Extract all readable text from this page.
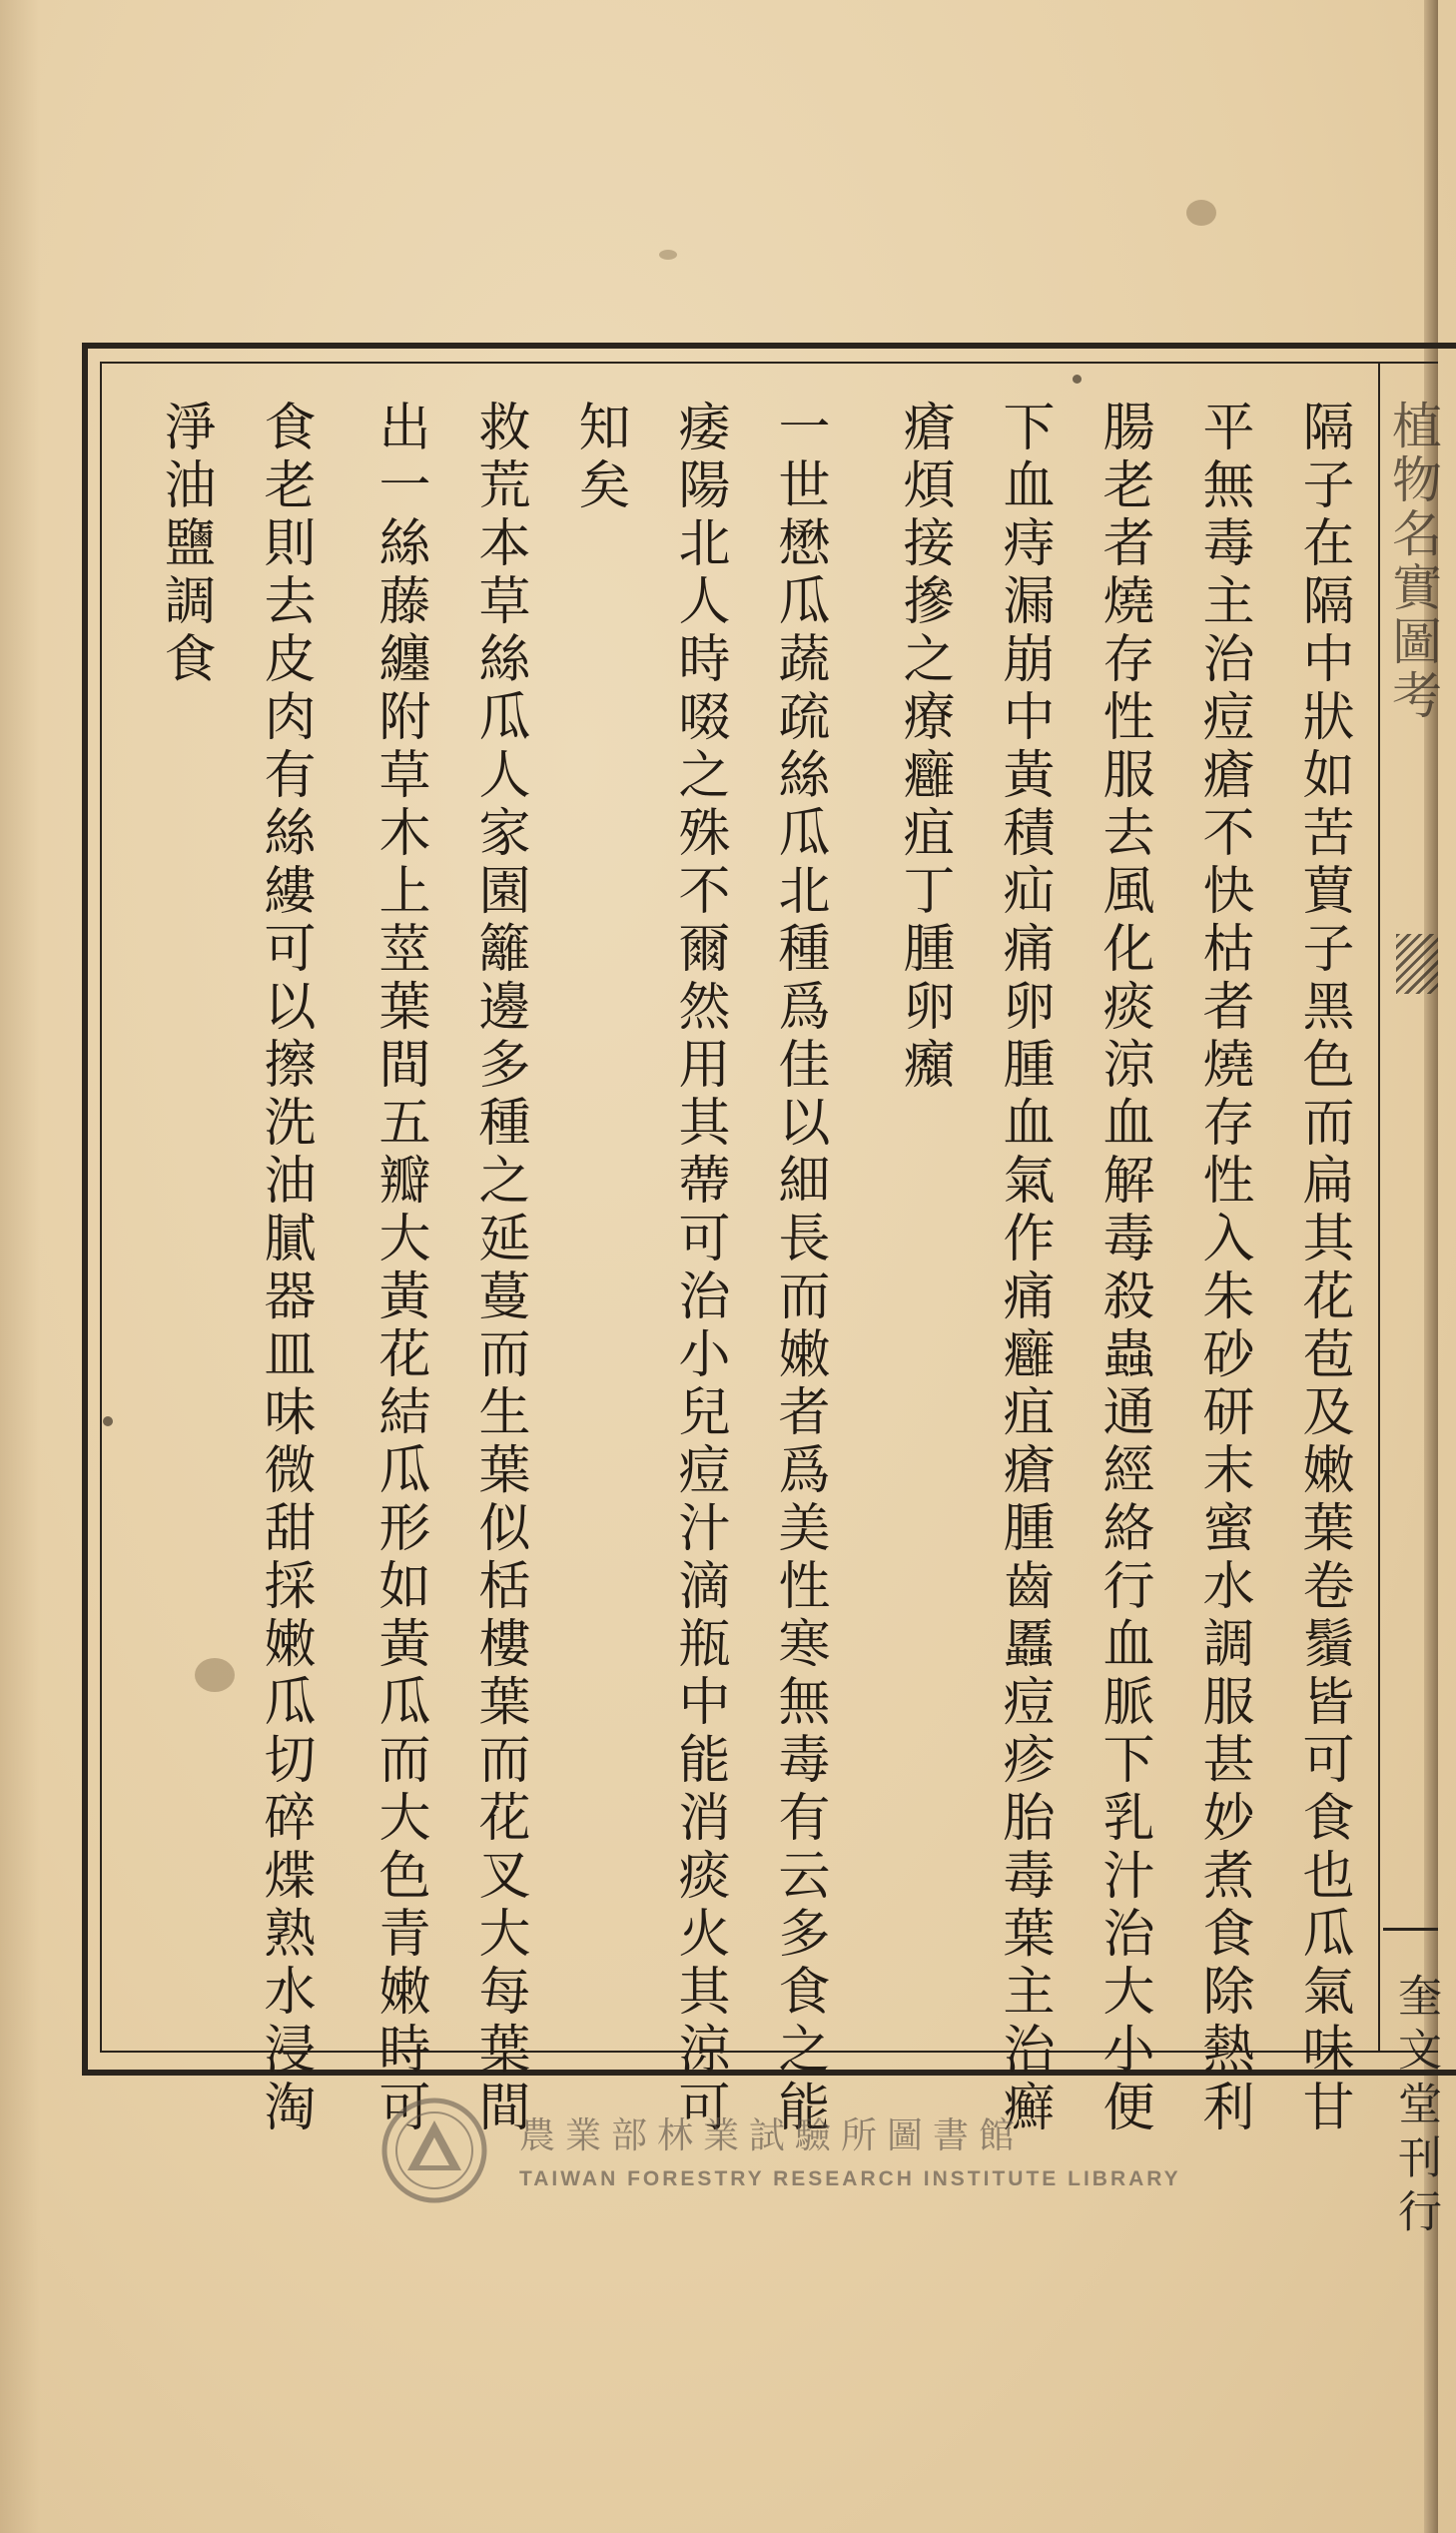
植物名實圖考
奎文堂刊行
隔子在隔中狀如苦蕒子黑色而扁其花苞及嫩葉卷鬚皆可食也瓜氣味甘
平無毒主治痘瘡不快枯者燒存性入朱砂研末蜜水調服甚妙煮食除熱利
腸老者燒存性服去風化痰涼血解毒殺蟲通經絡行血脈下乳汁治大小便
下血痔漏崩中黃積疝痛卵腫血氣作痛癰疽瘡腫齒䘌痘疹胎毒葉主治癬
瘡煩接摻之療癰疽丁腫卵㿗
一世懋瓜蔬疏絲瓜北種爲佳以細長而嫩者爲美性寒無毒有云多食之能
痿陽北人時啜之殊不爾然用其蔕可治小兒痘汁滴瓶中能消痰火其涼可
知矣
救荒本草絲瓜人家園籬邊多種之延蔓而生葉似栝樓葉而花叉大每葉間
出一絲藤纏附草木上莖葉間五瓣大黃花結瓜形如黃瓜而大色青嫩時可
食老則去皮肉有絲縷可以擦洗油膩器皿味微甜採嫩瓜切碎煠熟水浸淘
淨油鹽調食
農業部林業試驗所圖書館
TAIWAN FORESTRY RESEARCH INSTITUTE LIBRARY
